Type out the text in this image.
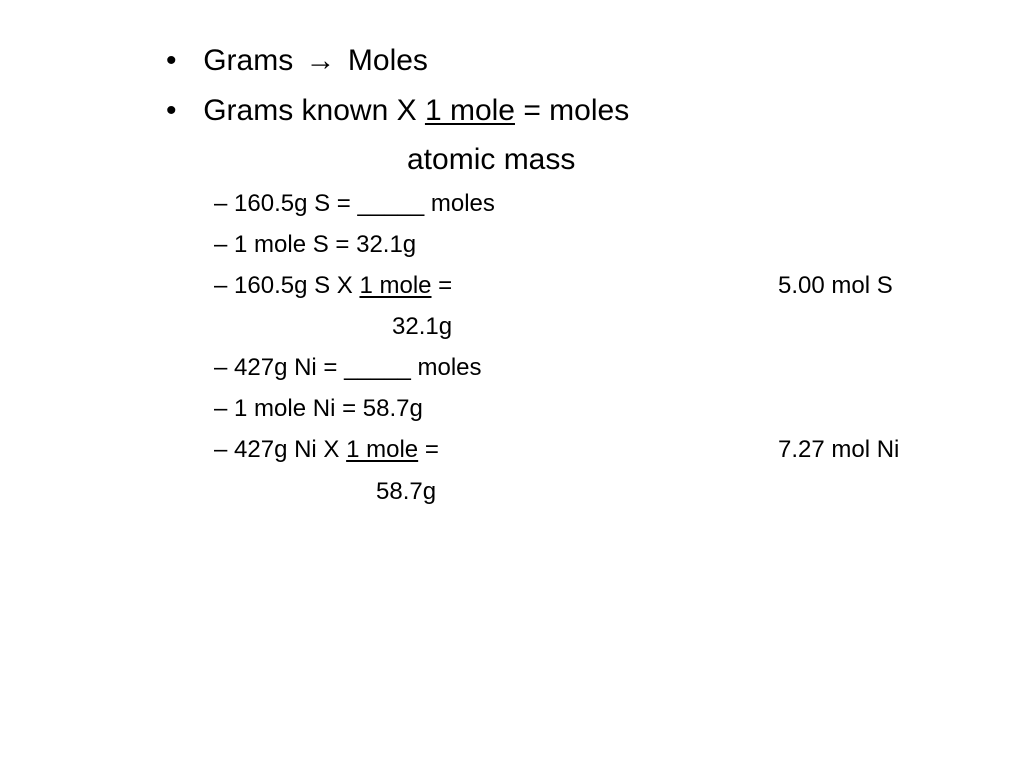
• Grams → Moles
• Grams known X 1 mole = moles
atomic mass
– 160.5g S = _____ moles
– 1 mole S = 32.1g
– 160.5g S X 1 mole =	5.00 mol S
32.1g
– 427g Ni = _____ moles
– 1 mole Ni = 58.7g
– 427g Ni X 1 mole =	7.27 mol Ni
58.7g
